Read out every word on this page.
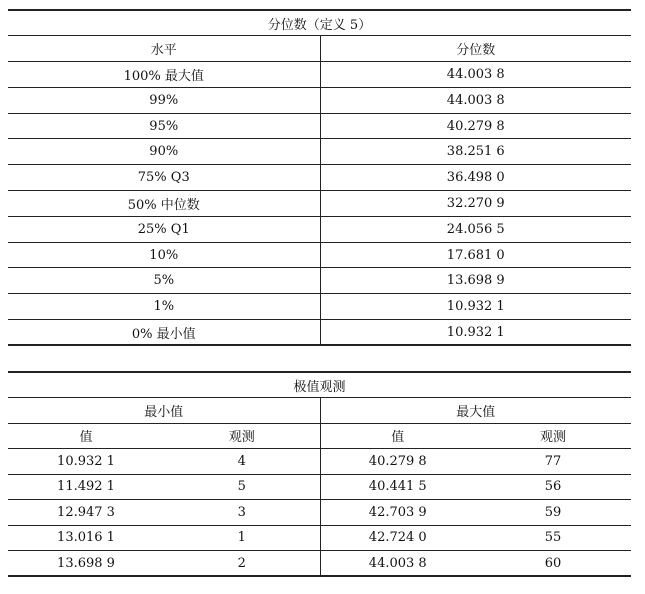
分位数（定义 5）	
水平	分位数
100% 最大值	44.003 8
99%	44.003 8
95%	40.279 8
90%	38.251 6
75% Q3	36.498 0
50% 中位数	32.270 9
25% Q1	24.056 5
10%	17.681 0
5%	13.698 9
1%	10.932 1
0% 最小值	10.932 1
极值观测			
最小值		最大值	
值	观测	值	观测
10.932 1	4	40.279 8	77
11.492 1	5	40.441 5	56
12.947 3	3	42.703 9	59
13.016 1	1	42.724 0	55
13.698 9	2	44.003 8	60
